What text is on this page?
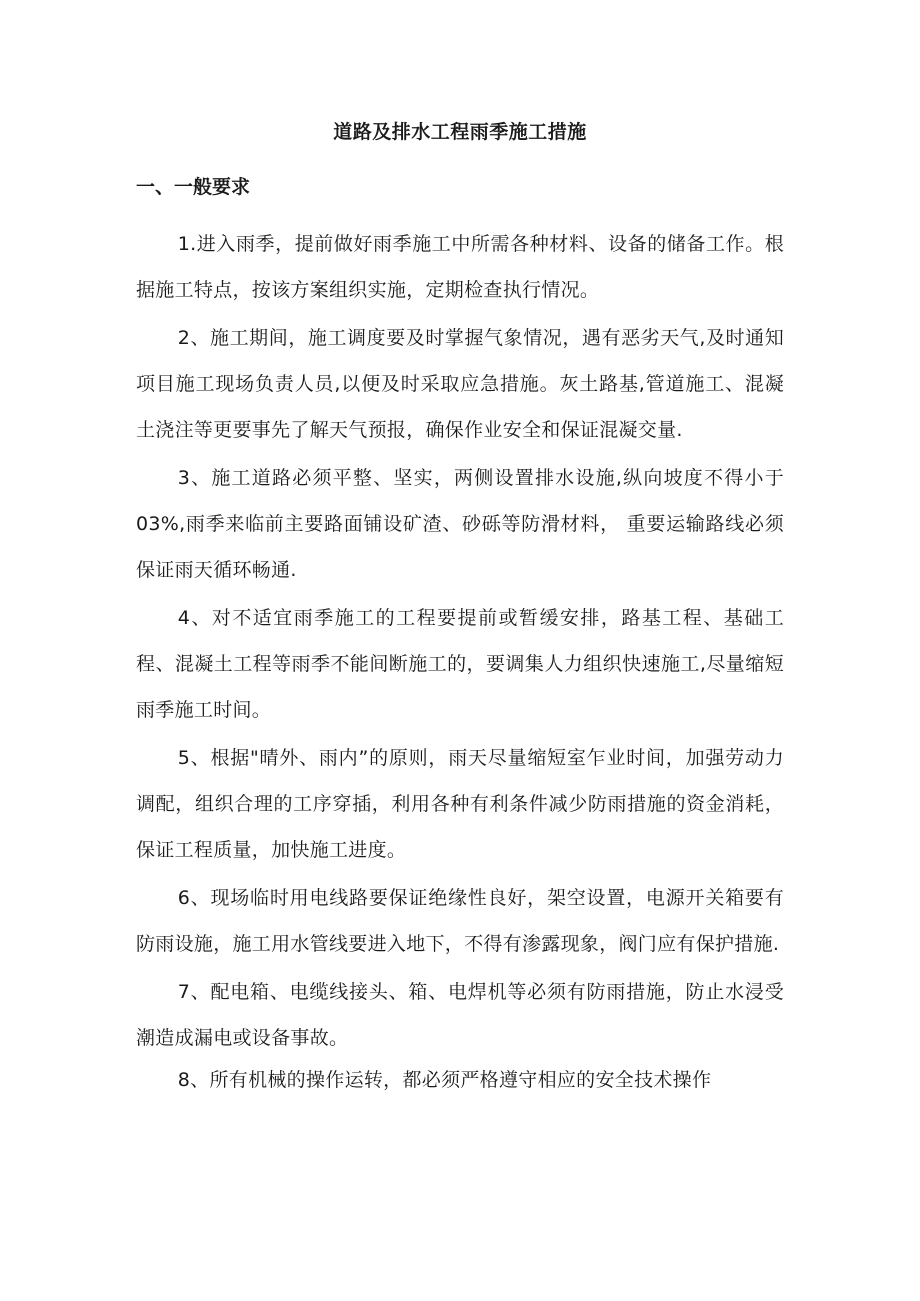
道路及排水工程雨季施工措施
一、一般要求

1.进入雨季，提前做好雨季施工中所需各种材料、设备的储备工作。根据施工特点，按该方案组织实施，定期检查执行情况。

2、施工期间，施工调度要及时掌握气象情况，遇有恶劣天气,及时通知项目施工现场负责人员,以便及时采取应急措施。灰土路基,管道施工、混凝土浇注等更要事先了解天气预报，确保作业安全和保证混凝交量.

3、施工道路必须平整、坚实，两侧设置排水设施,纵向坡度不得小于03%,雨季来临前主要路面铺设矿渣、砂砾等防滑材料， 重要运输路线必须保证雨天循环畅通.

4、对不适宜雨季施工的工程要提前或暂缓安排，路基工程、基础工程、混凝土工程等雨季不能间断施工的，要调集人力组织快速施工,尽量缩短雨季施工时间。

5、根据"晴外、雨内”的原则，雨天尽量缩短室乍业时间，加强劳动力调配，组织合理的工序穿插，利用各种有利条件减少防雨措施的资金消耗，保证工程质量，加快施工进度。

6、现场临时用电线路要保证绝缘性良好，架空设置，电源开关箱要有防雨设施，施工用水管线要进入地下，不得有渗露现象，阀门应有保护措施.

7、配电箱、电缆线接头、箱、电焊机等必须有防雨措施，防止水浸受潮造成漏电或设备事故。

8、所有机械的操作运转，都必须严格遵守相应的安全技术操作
